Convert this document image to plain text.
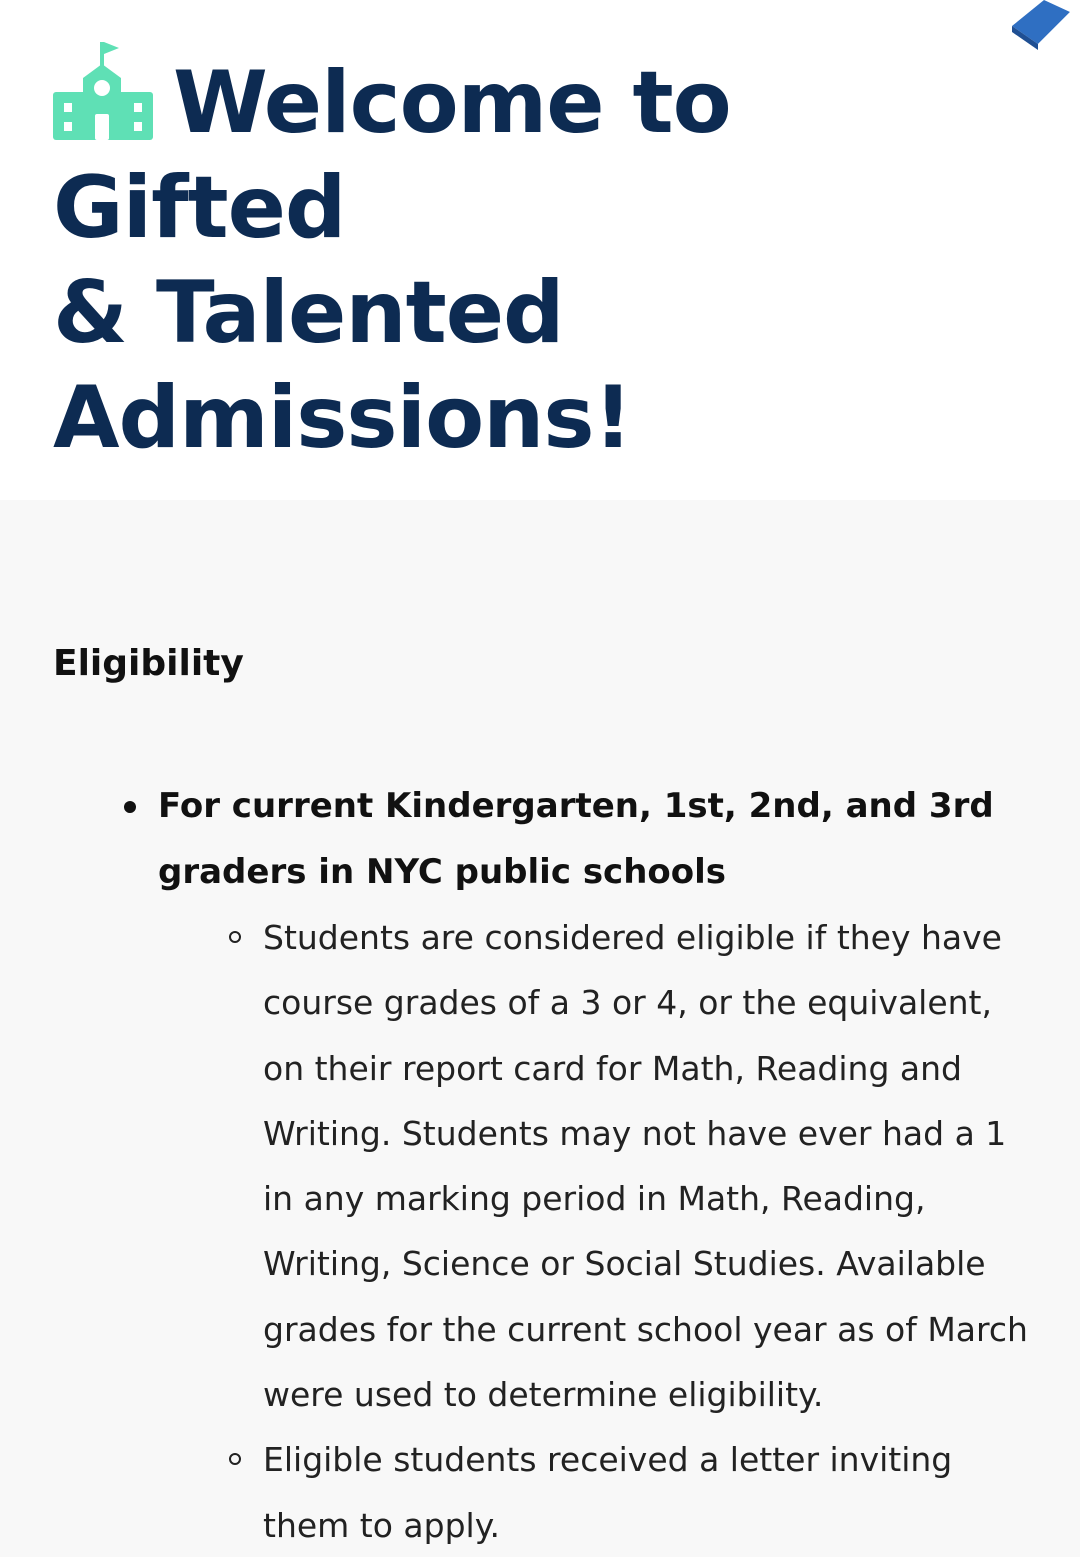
Welcome to Gifted
& Talented
Admissions!
Eligibility
For current Kindergarten, 1st, 2nd, and 3rd graders in NYC public schools
Students are considered eligible if they have course grades of a 3 or 4, or the equivalent, on their report card for Math, Reading and Writing. Students may not have ever had a 1 in any marking period in Math, Reading, Writing, Science or Social Studies. Available grades for the current school year as of March were used to determine eligibility.
Eligible students received a letter inviting them to apply.
